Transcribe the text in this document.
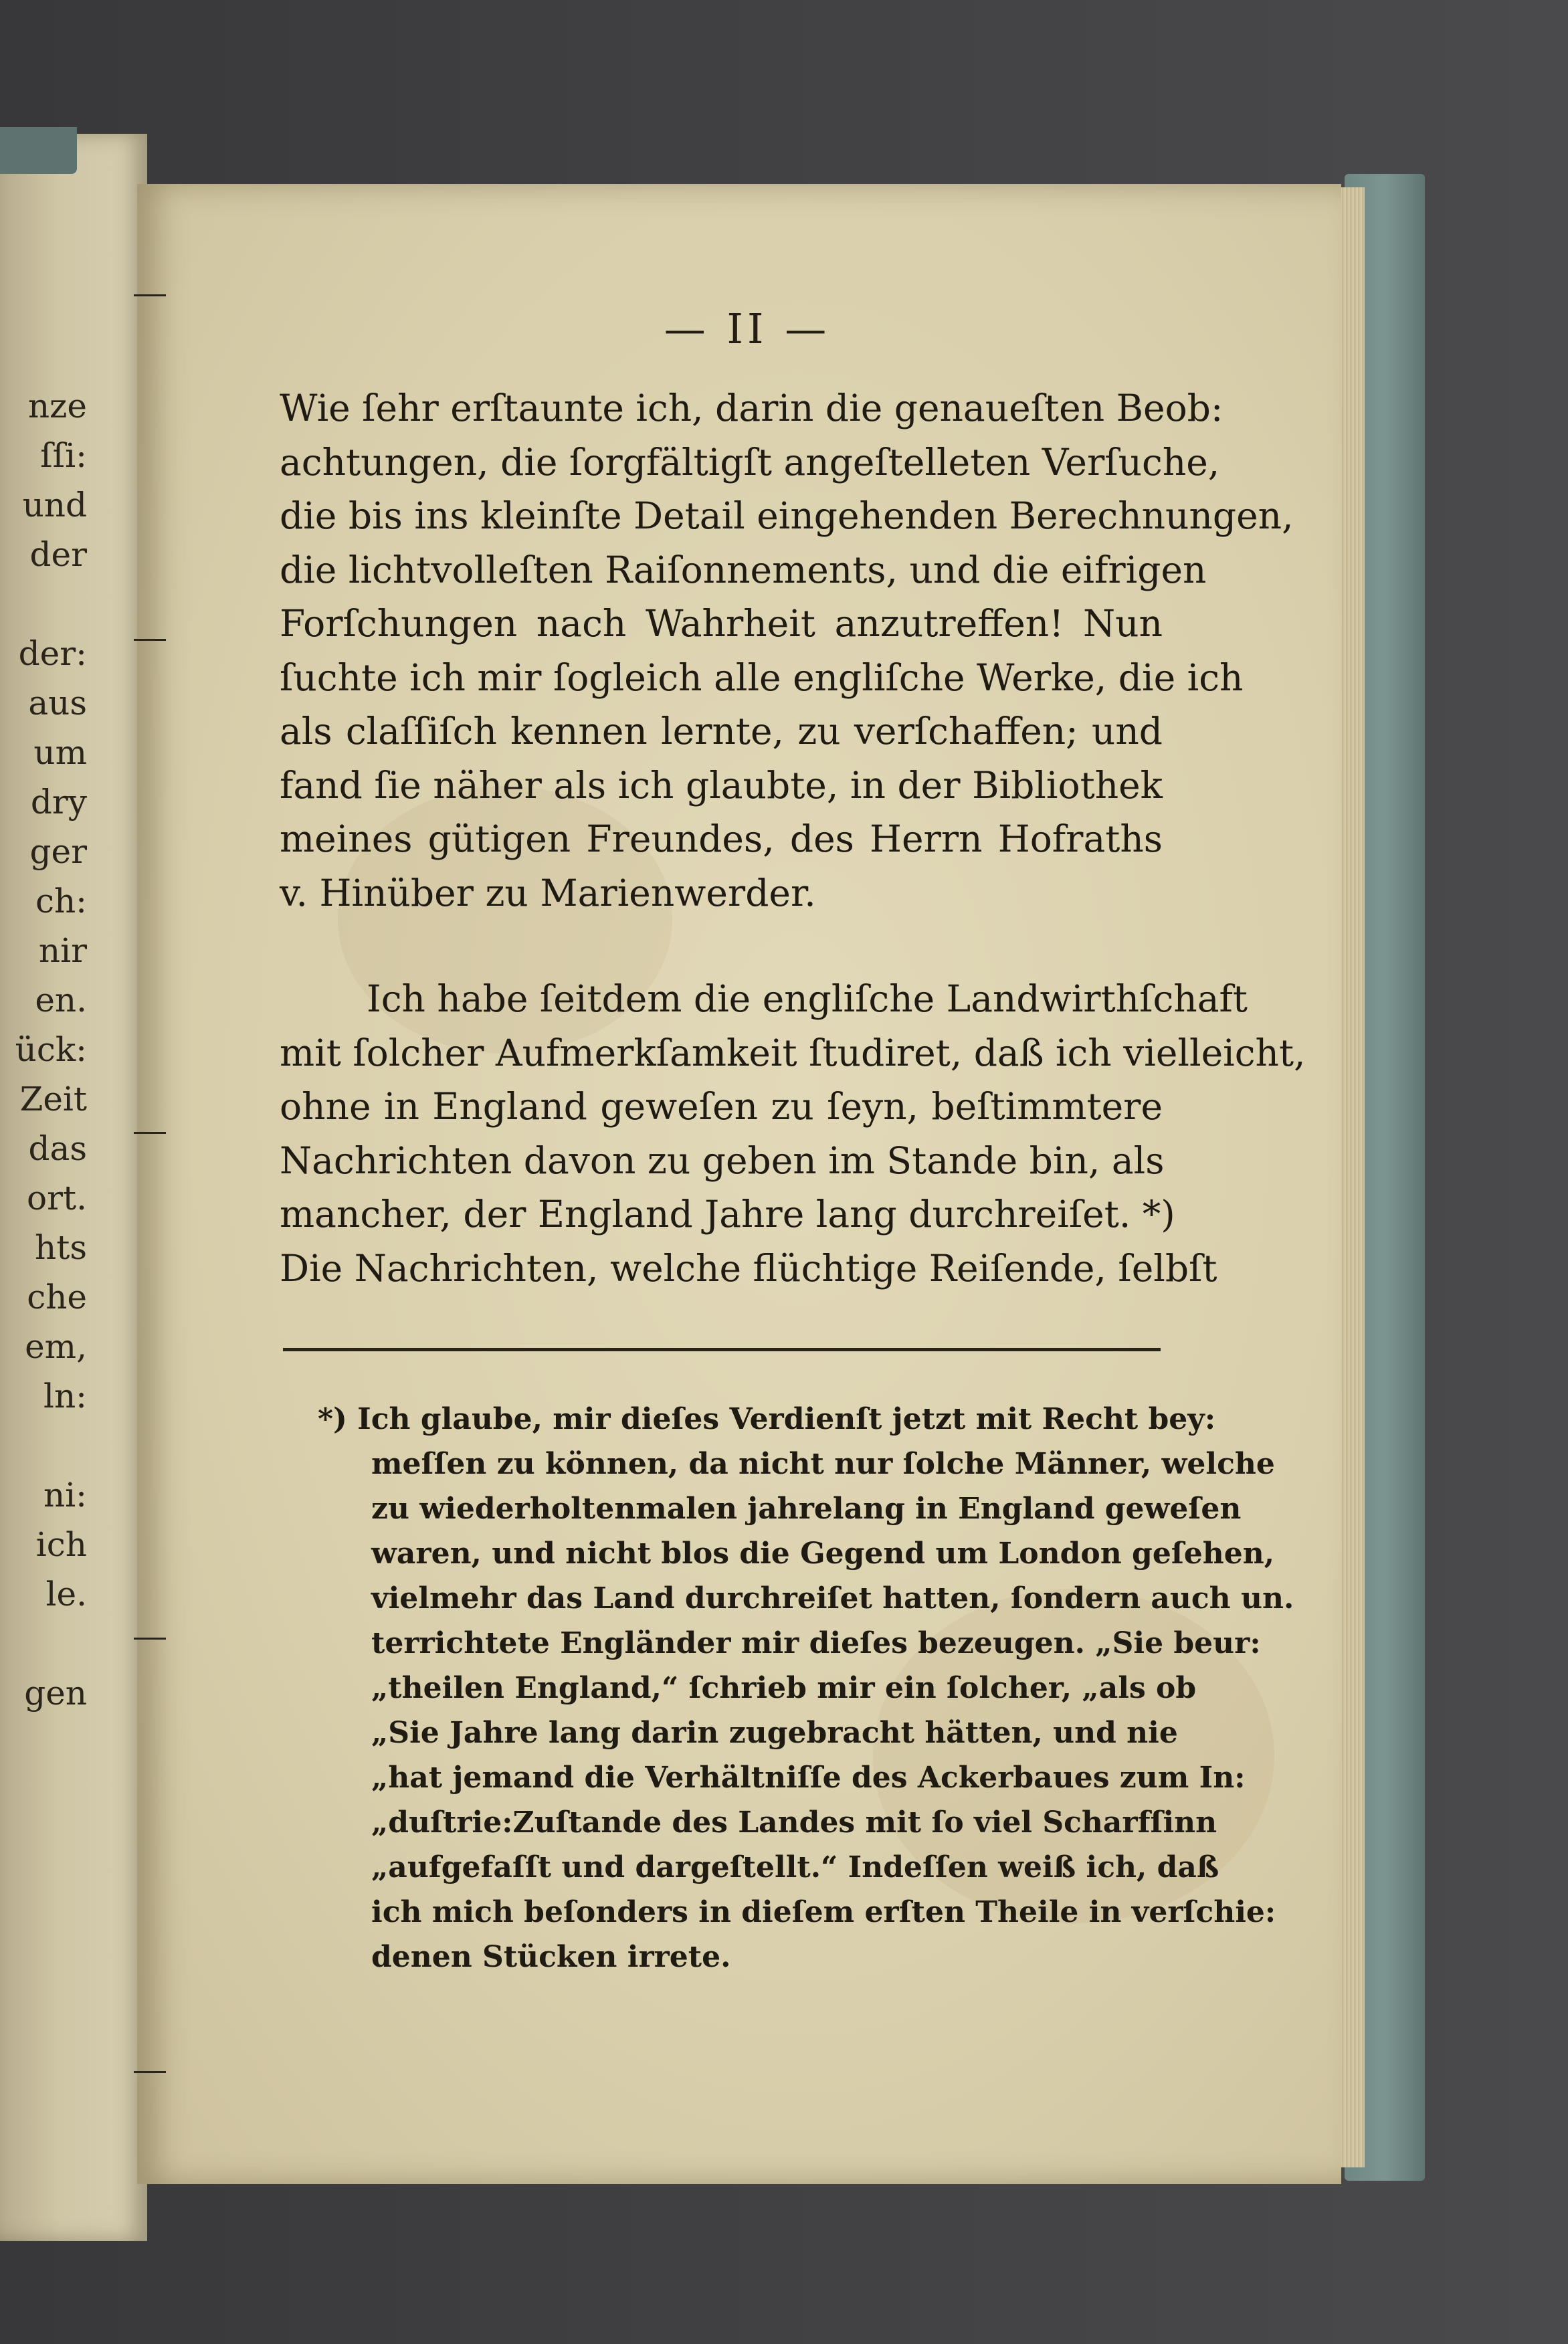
nze
ſſi:
und
der
der:
aus
um
dry
ger
ch:
nir
en.
ück:
Zeit
das
ort.
hts
che
em,
ln:
ni:
ich
le.
gen
— II —
Wie ſehr erſtaunte ich, darin die genaueſten Beob:
achtungen, die ſorgfältigſt angeſtelleten Verſuche,
die bis ins kleinſte Detail eingehenden Berechnungen,
die lichtvolleſten Raiſonnements, und die eifrigen
Forſchungen nach Wahrheit anzutreffen! Nun
ſuchte ich mir ſogleich alle engliſche Werke, die ich
als claſſiſch kennen lernte, zu verſchaffen; und
fand ſie näher als ich glaubte, in der Bibliothek
meines gütigen Freundes, des Herrn Hofraths
v. Hinüber zu Marienwerder.
Ich habe ſeitdem die engliſche Landwirthſchaft
mit ſolcher Aufmerkſamkeit ſtudiret, daß ich vielleicht,
ohne in England geweſen zu ſeyn, beſtimmtere
Nachrichten davon zu geben im Stande bin, als
mancher, der England Jahre lang durchreiſet. *)
Die Nachrichten, welche flüchtige Reiſende, ſelbſt
*) Ich glaube, mir dieſes Verdienſt jetzt mit Recht bey:
meſſen zu können, da nicht nur ſolche Männer, welche
zu wiederholtenmalen jahrelang in England geweſen
waren, und nicht blos die Gegend um London geſehen,
vielmehr das Land durchreiſet hatten, ſondern auch un.
terrichtete Engländer mir dieſes bezeugen. „Sie beur:
„theilen England,“ ſchrieb mir ein ſolcher, „als ob
„Sie Jahre lang darin zugebracht hätten, und nie
„hat jemand die Verhältniſſe des Ackerbaues zum In:
„duſtrie:Zuſtande des Landes mit ſo viel Scharfſinn
„aufgefaſſt und dargeſtellt.“ Indeſſen weiß ich, daß
ich mich beſonders in dieſem erſten Theile in verſchie:
denen Stücken irrete.
